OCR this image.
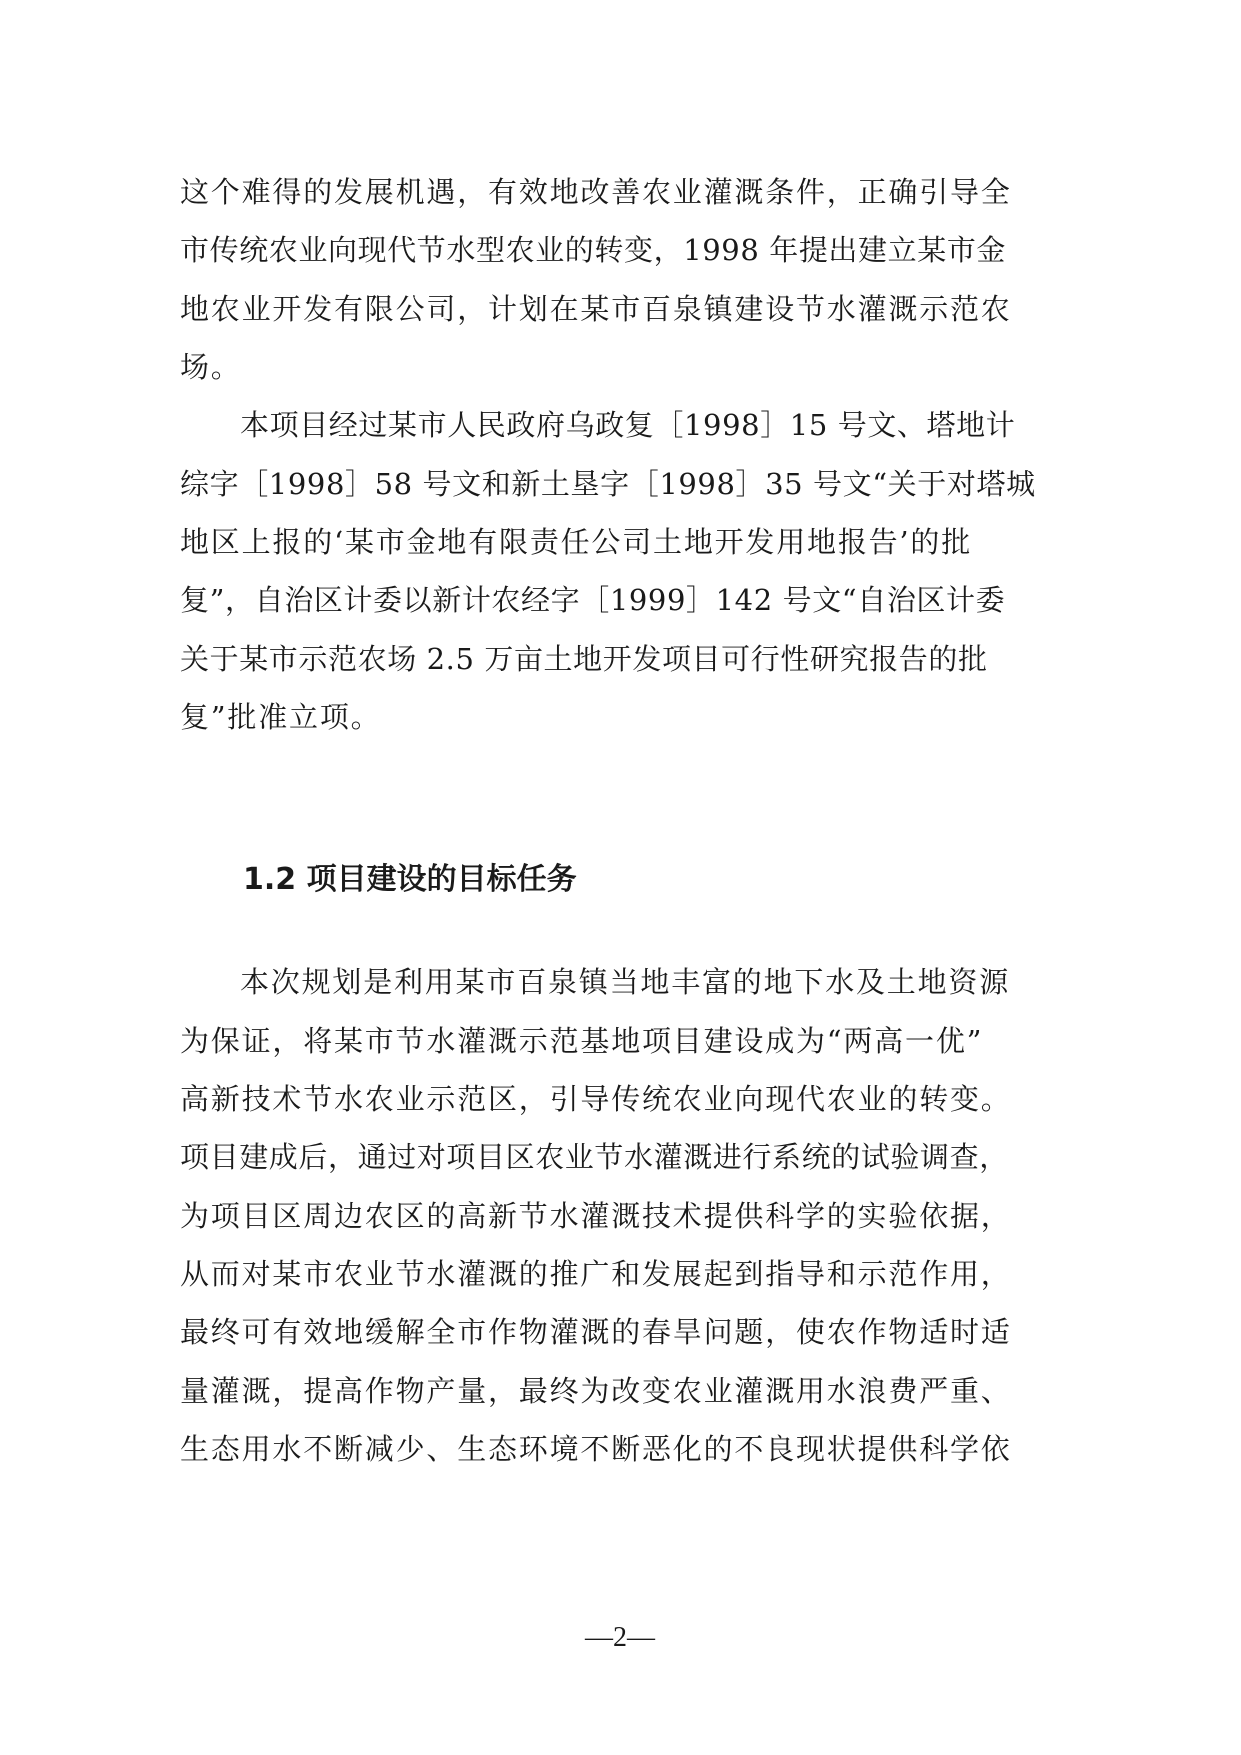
这个难得的发展机遇，有效地改善农业灌溉条件，正确引导全
市传统农业向现代节水型农业的转变，1998 年提出建立某市金
地农业开发有限公司，计划在某市百泉镇建设节水灌溉示范农
场。
本项目经过某市人民政府乌政复［1998］15 号文、塔地计
综字［1998］58 号文和新土垦字［1998］35 号文“关于对塔城
地区上报的‘某市金地有限责任公司土地开发用地报告’的批
复”，自治区计委以新计农经字［1999］142 号文“自治区计委
关于某市示范农场 2.5 万亩土地开发项目可行性研究报告的批
复”批准立项。
1.2 项目建设的目标任务
本次规划是利用某市百泉镇当地丰富的地下水及土地资源
为保证，将某市节水灌溉示范基地项目建设成为“两高一优”
高新技术节水农业示范区，引导传统农业向现代农业的转变。
项目建成后，通过对项目区农业节水灌溉进行系统的试验调查，
为项目区周边农区的高新节水灌溉技术提供科学的实验依据，
从而对某市农业节水灌溉的推广和发展起到指导和示范作用，
最终可有效地缓解全市作物灌溉的春旱问题，使农作物适时适
量灌溉，提高作物产量，最终为改变农业灌溉用水浪费严重、
生态用水不断减少、生态环境不断恶化的不良现状提供科学依
—2—
